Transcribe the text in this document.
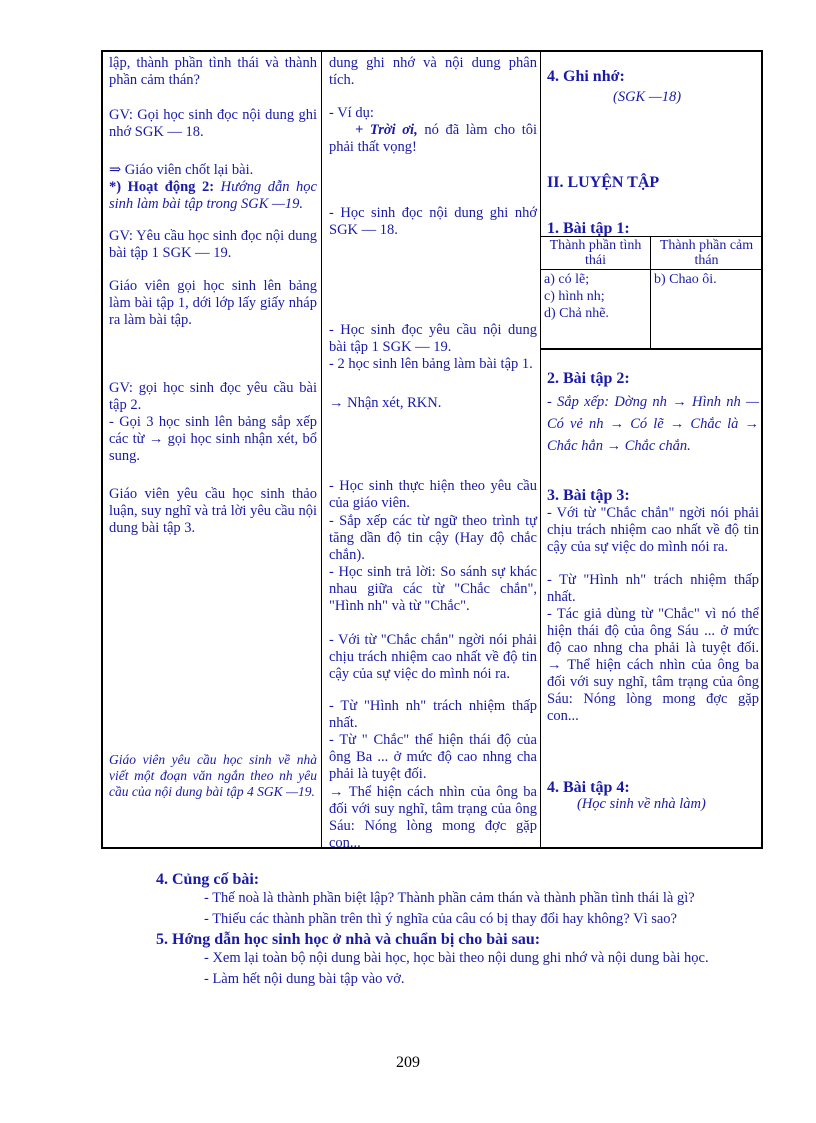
lập, thành phần tình thái và thành phần cảm thán?
GV: Gọi học sinh đọc nội dung ghi nhớ SGK — 18.
⇒ Giáo viên chốt lại bài.
*) Hoạt động 2: Hướng dẫn học sinh làm bài tập trong SGK —19.
GV: Yêu cầu học sinh đọc nội dung bài tập 1 SGK — 19.
Giáo viên gọi học sinh lên bảng làm bài tập 1, dới lớp lấy giấy nháp ra làm bài tập.
GV: gọi học sinh đọc yêu cầu bài tập 2.
- Gọi 3 học sinh lên bảng sắp xếp các từ → gọi học sinh nhận xét, bổ sung.
Giáo viên yêu cầu học sinh thảo luận, suy nghĩ và trả lời yêu cầu nội dung bài tập 3.
Giáo viên yêu cầu học sinh về nhà viết một đoạn văn ngắn theo nh yêu cầu của nội dung bài tập 4 SGK —19.
dung ghi nhớ và nội dung phân tích.
- Ví dụ:
+ Trời ơi, nó đã làm cho tôi phải thất vọng!
- Học sinh đọc nội dung ghi nhớ SGK — 18.
- Học sinh đọc yêu cầu nội dung bài tập 1 SGK — 19.
- 2 học sinh lên bảng làm bài tập 1.
→ Nhận xét, RKN.
- Học sinh thực hiện theo yêu cầu của giáo viên.
- Sắp xếp các từ ngữ theo trình tự tăng dần độ tin cậy (Hay độ chắc chắn).
- Học sinh trả lời: So sánh sự khác nhau giữa các từ "Chắc chắn", "Hình nh" và từ "Chắc".
- Với từ "Chắc chắn" ngời nói phải chịu trách nhiệm cao nhất về độ tin cậy của sự việc do mình nói ra.
- Từ "Hình nh" trách nhiệm thấp nhất.
- Từ " Chắc" thể hiện thái độ của ông Ba ... ở mức độ cao nhng cha phải là tuyệt đối.
→ Thể hiện cách nhìn của ông ba đối với suy nghĩ, tâm trạng của ông Sáu: Nóng lòng mong đợc gặp con...
4. Ghi nhớ:
(SGK —18)
II. LUYỆN TẬP
1. Bài tập 1:
Thành phần tình thái	Thành phần cảm thán
a) có lẽ;
c) hình nh;
d) Chả nhẽ.	b) Chao ôi.
2. Bài tập 2:
- Sắp xếp: Dờng nh → Hình nh —Có vẻ nh → Có lẽ → Chắc là → Chắc hẳn → Chắc chắn.
3. Bài tập 3:
- Với từ "Chắc chắn" ngời nói phải chịu trách nhiệm cao nhất về độ tin cậy của sự việc do mình nói ra.
- Từ "Hình nh" trách nhiệm thấp nhất.
- Tác giả dùng từ "Chắc" vì nó thể hiện thái độ của ông Sáu ... ở mức độ cao nhng cha phải là tuyệt đối. → Thể hiện cách nhìn của ông ba đối với suy nghĩ, tâm trạng của ông Sáu: Nóng lòng mong đợc gặp con...
4. Bài tập 4:
(Học sinh về nhà làm)
4. Củng cố bài:
- Thế noà là thành phần biệt lập? Thành phần cảm thán và thành phần tình thái là gì?
- Thiếu các thành phần trên thì ý nghĩa của câu có bị thay đổi hay không? Vì sao?
5. Hớng dẫn học sinh học ở nhà và chuẩn bị cho bài sau:
- Xem lại toàn bộ nội dung bài học, học bài theo nội dung ghi nhớ và nội dung bài học.
- Làm hết nội dung bài tập vào vở.
209
